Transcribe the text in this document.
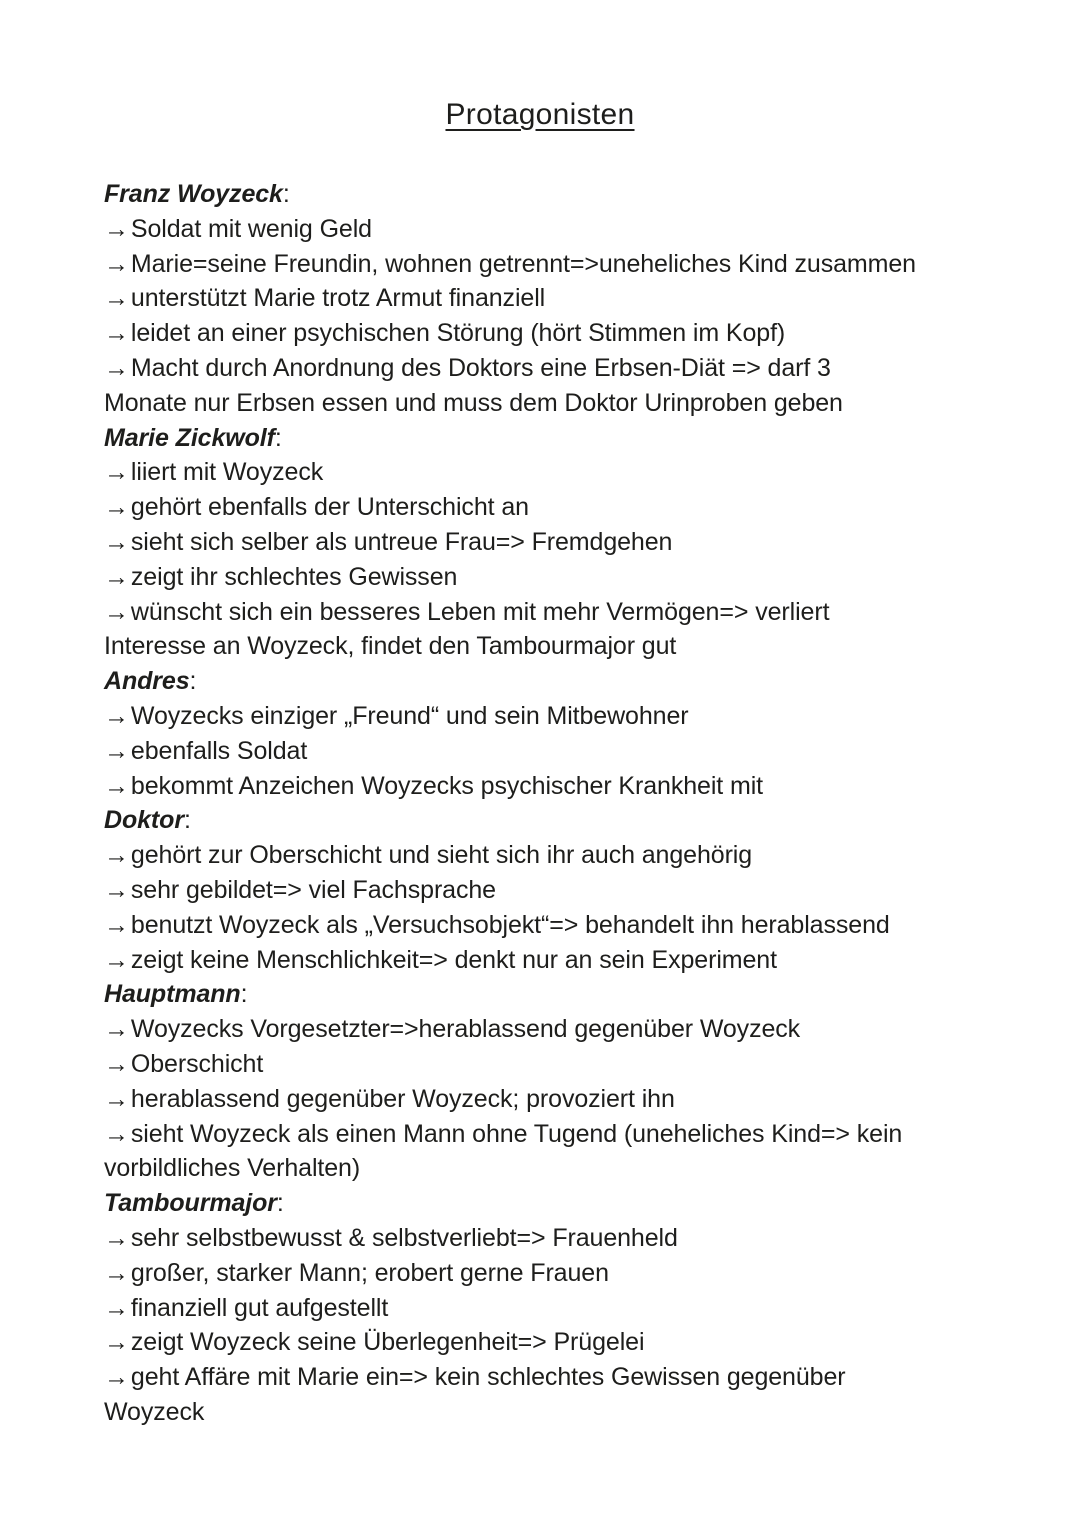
Protagonisten
Franz Woyzeck:
→Soldat mit wenig Geld
→Marie=seine Freundin, wohnen getrennt=>uneheliches Kind zusammen
→unterstützt Marie trotz Armut finanziell
→leidet an einer psychischen Störung (hört Stimmen im Kopf)
→Macht durch Anordnung des Doktors eine Erbsen-Diät => darf 3
Monate nur Erbsen essen und muss dem Doktor Urinproben geben
Marie Zickwolf:
→liiert mit Woyzeck
→gehört ebenfalls der Unterschicht an
→sieht sich selber als untreue Frau=> Fremdgehen
→zeigt ihr schlechtes Gewissen
→wünscht sich ein besseres Leben mit mehr Vermögen=> verliert
Interesse an Woyzeck, findet den Tambourmajor gut
Andres:
→Woyzecks einziger „Freund“ und sein Mitbewohner
→ebenfalls Soldat
→bekommt Anzeichen Woyzecks psychischer Krankheit mit
Doktor:
→gehört zur Oberschicht und sieht sich ihr auch angehörig
→sehr gebildet=> viel Fachsprache
→benutzt Woyzeck als „Versuchsobjekt“=> behandelt ihn herablassend
→zeigt keine Menschlichkeit=> denkt nur an sein Experiment
Hauptmann:
→Woyzecks Vorgesetzter=>herablassend gegenüber Woyzeck
→Oberschicht
→herablassend gegenüber Woyzeck; provoziert ihn
→sieht Woyzeck als einen Mann ohne Tugend (uneheliches Kind=> kein
vorbildliches Verhalten)
Tambourmajor:
→sehr selbstbewusst & selbstverliebt=> Frauenheld
→großer, starker Mann; erobert gerne Frauen
→finanziell gut aufgestellt
→zeigt Woyzeck seine Überlegenheit=> Prügelei
→geht Affäre mit Marie ein=> kein schlechtes Gewissen gegenüber
Woyzeck
